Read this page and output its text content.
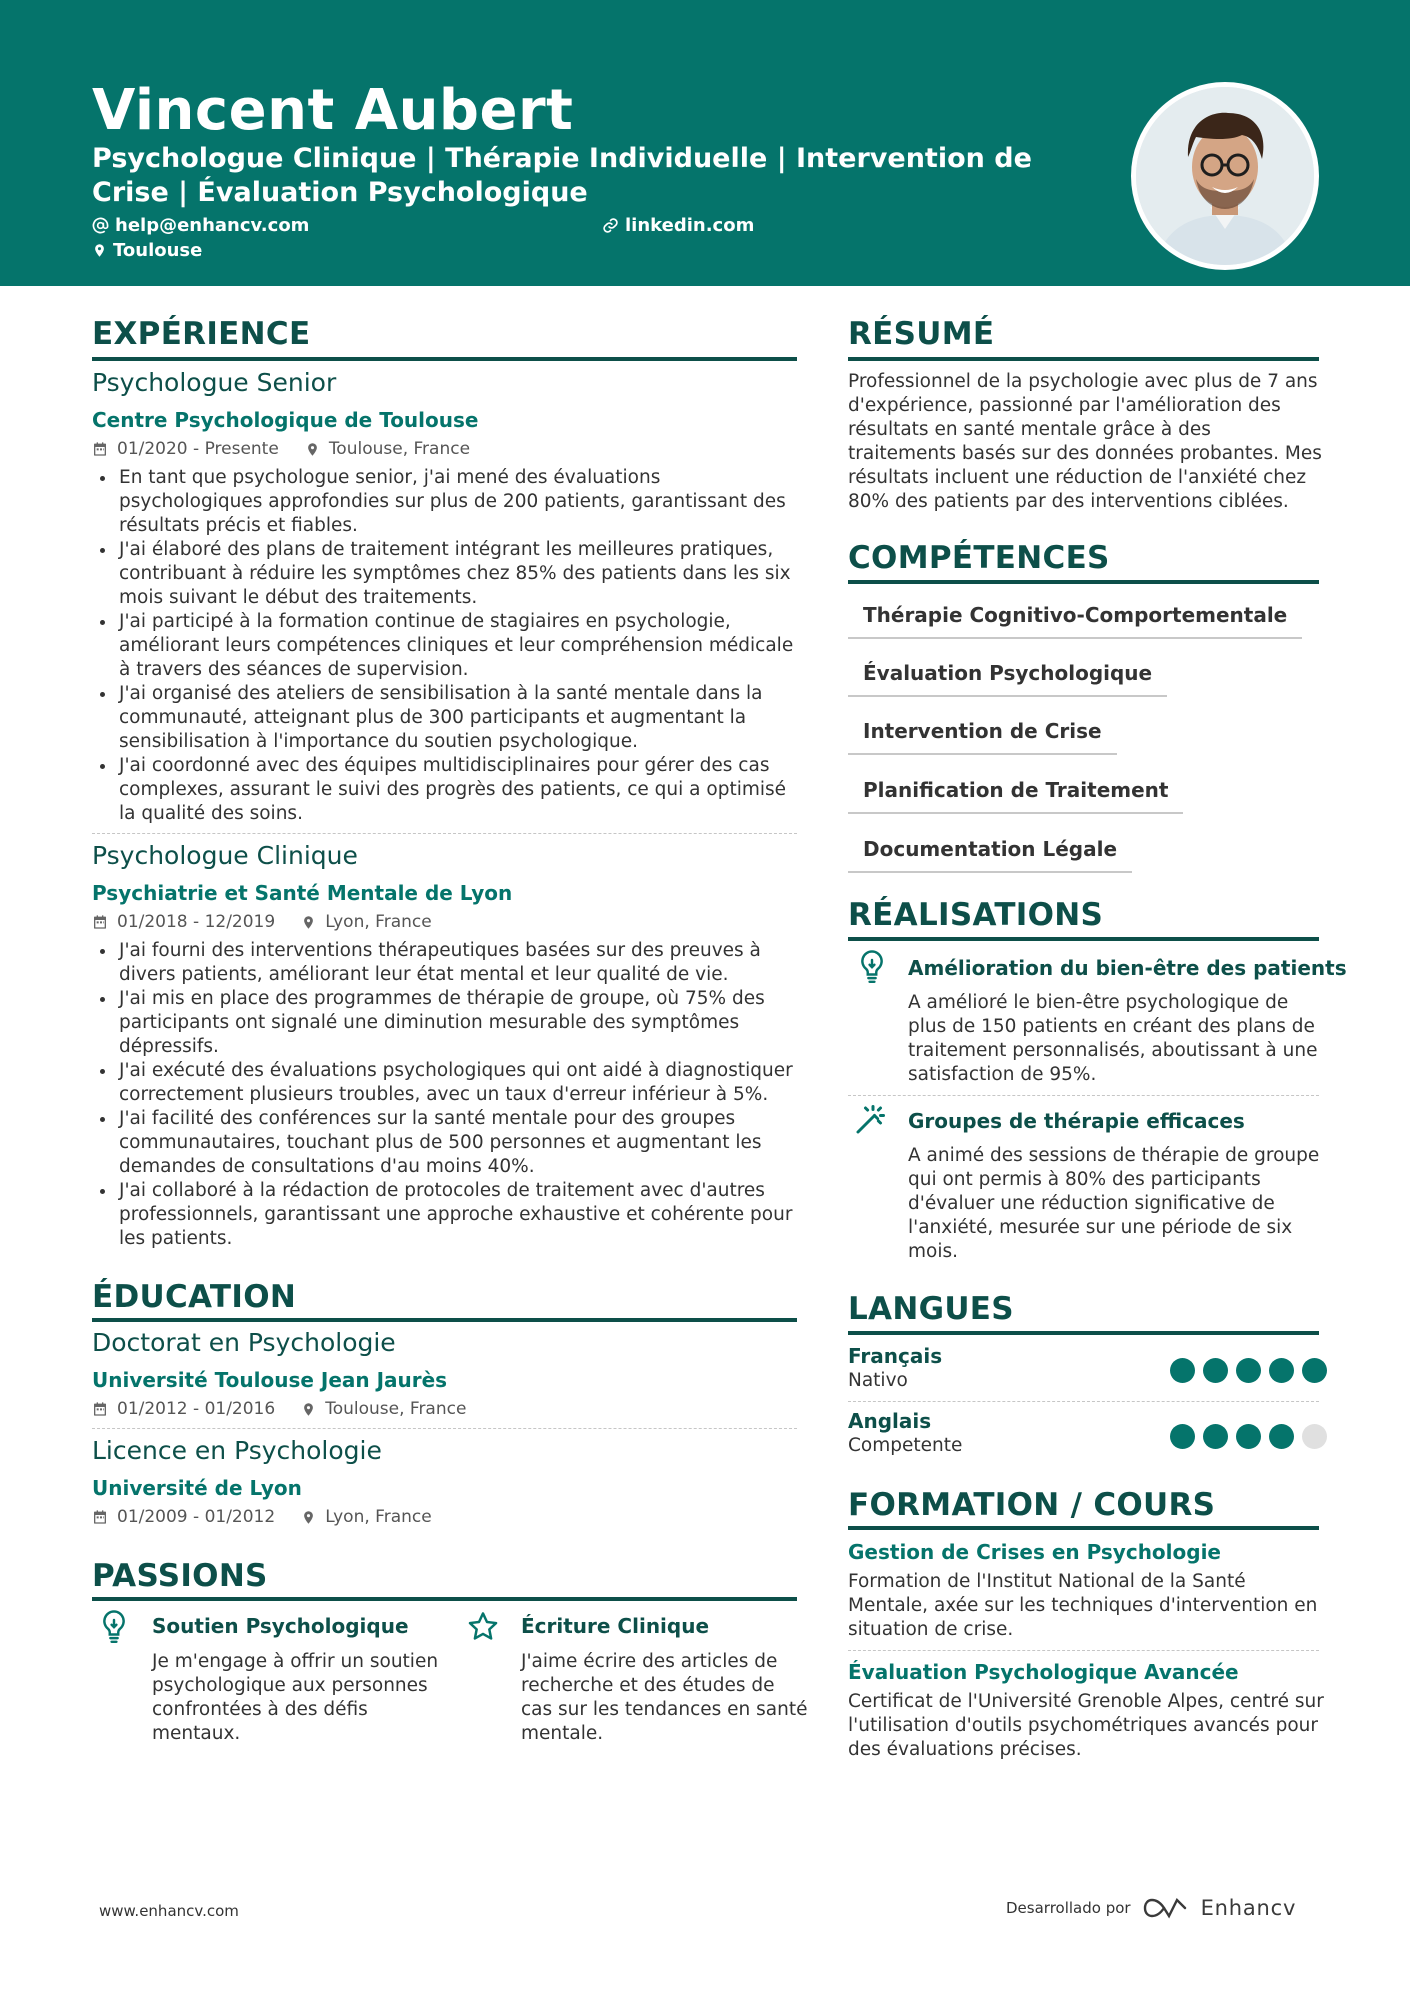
Vincent Aubert
Psychologue Clinique | Thérapie Individuelle | Intervention de Crise | Évaluation Psychologique
help@enhancv.com	linkedin.com
Toulouse
EXPÉRIENCE
Psychologue Senior
Centre Psychologique de Toulouse
01/2020 - Presente	Toulouse, France
En tant que psychologue senior, j'ai mené des évaluations psychologiques approfondies sur plus de 200 patients, garantissant des résultats précis et fiables.
J'ai élaboré des plans de traitement intégrant les meilleures pratiques, contribuant à réduire les symptômes chez 85% des patients dans les six mois suivant le début des traitements.
J'ai participé à la formation continue de stagiaires en psychologie, améliorant leurs compétences cliniques et leur compréhension médicale à travers des séances de supervision.
J'ai organisé des ateliers de sensibilisation à la santé mentale dans la communauté, atteignant plus de 300 participants et augmentant la sensibilisation à l'importance du soutien psychologique.
J'ai coordonné avec des équipes multidisciplinaires pour gérer des cas complexes, assurant le suivi des progrès des patients, ce qui a optimisé la qualité des soins.
Psychologue Clinique
Psychiatrie et Santé Mentale de Lyon
01/2018 - 12/2019	Lyon, France
J'ai fourni des interventions thérapeutiques basées sur des preuves à divers patients, améliorant leur état mental et leur qualité de vie.
J'ai mis en place des programmes de thérapie de groupe, où 75% des participants ont signalé une diminution mesurable des symptômes dépressifs.
J'ai exécuté des évaluations psychologiques qui ont aidé à diagnostiquer correctement plusieurs troubles, avec un taux d'erreur inférieur à 5%.
J'ai facilité des conférences sur la santé mentale pour des groupes communautaires, touchant plus de 500 personnes et augmentant les demandes de consultations d'au moins 40%.
J'ai collaboré à la rédaction de protocoles de traitement avec d'autres professionnels, garantissant une approche exhaustive et cohérente pour les patients.
ÉDUCATION
Doctorat en Psychologie
Université Toulouse Jean Jaurès
01/2012 - 01/2016	Toulouse, France
Licence en Psychologie
Université de Lyon
01/2009 - 01/2012	Lyon, France
PASSIONS
Soutien Psychologique
Je m'engage à offrir un soutien psychologique aux personnes confrontées à des défis mentaux.
Écriture Clinique
J'aime écrire des articles de recherche et des études de cas sur les tendances en santé mentale.
RÉSUMÉ
Professionnel de la psychologie avec plus de 7 ans d'expérience, passionné par l'amélioration des résultats en santé mentale grâce à des traitements basés sur des données probantes. Mes résultats incluent une réduction de l'anxiété chez 80% des patients par des interventions ciblées.
COMPÉTENCES
Thérapie Cognitivo-Comportementale
Évaluation Psychologique
Intervention de Crise
Planification de Traitement
Documentation Légale
RÉALISATIONS
Amélioration du bien-être des patients
A amélioré le bien-être psychologique de plus de 150 patients en créant des plans de traitement personnalisés, aboutissant à une satisfaction de 95%.
Groupes de thérapie efficaces
A animé des sessions de thérapie de groupe qui ont permis à 80% des participants d'évaluer une réduction significative de l'anxiété, mesurée sur une période de six mois.
LANGUES
Français
Nativo
Anglais
Competente
FORMATION / COURS
Gestion de Crises en Psychologie
Formation de l'Institut National de la Santé Mentale, axée sur les techniques d'intervention en situation de crise.
Évaluation Psychologique Avancée
Certificat de l'Université Grenoble Alpes, centré sur l'utilisation d'outils psychométriques avancés pour des évaluations précises.
www.enhancv.com	Desarrollado por	Enhancv
